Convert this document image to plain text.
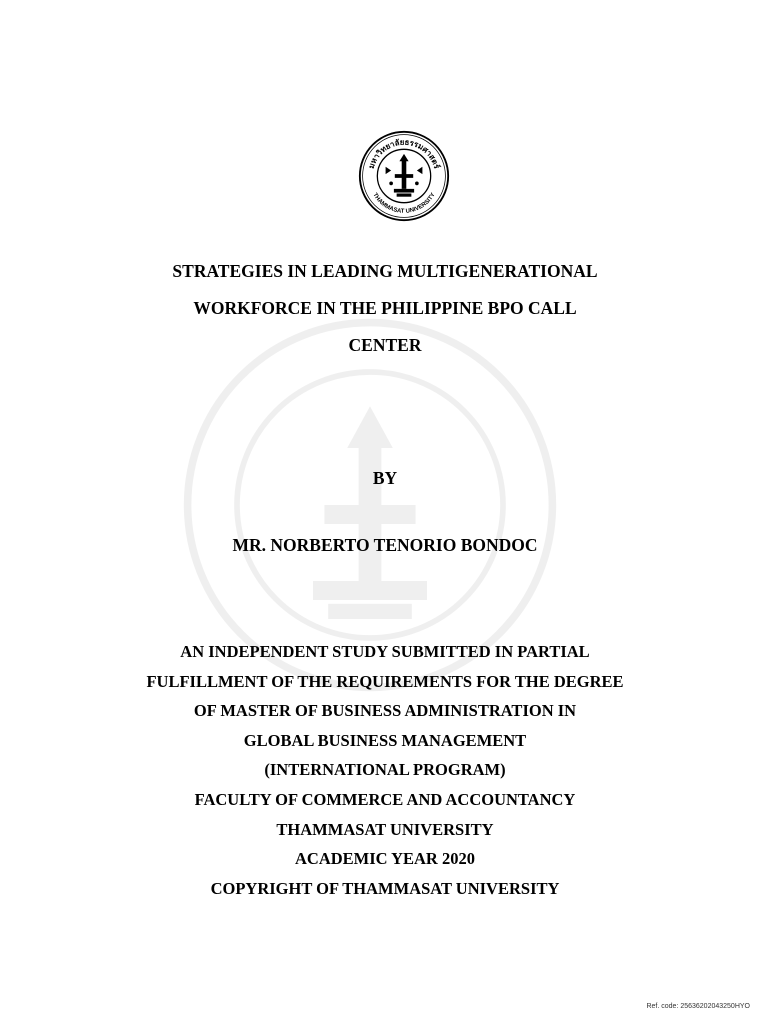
มหาวิทยาลัยธรรมศาสตร์
THAMMASAT UNIVERSITY
STRATEGIES IN LEADING MULTIGENERATIONAL
WORKFORCE IN THE PHILIPPINE BPO CALL
CENTER
BY
MR. NORBERTO TENORIO BONDOC
AN INDEPENDENT STUDY SUBMITTED IN PARTIAL
FULFILLMENT OF THE REQUIREMENTS FOR THE DEGREE
OF MASTER OF BUSINESS ADMINISTRATION IN
GLOBAL BUSINESS MANAGEMENT
(INTERNATIONAL PROGRAM)
FACULTY OF COMMERCE AND ACCOUNTANCY
THAMMASAT UNIVERSITY
ACADEMIC YEAR 2020
COPYRIGHT OF THAMMASAT UNIVERSITY
Ref. code: 25636202043250HYO
